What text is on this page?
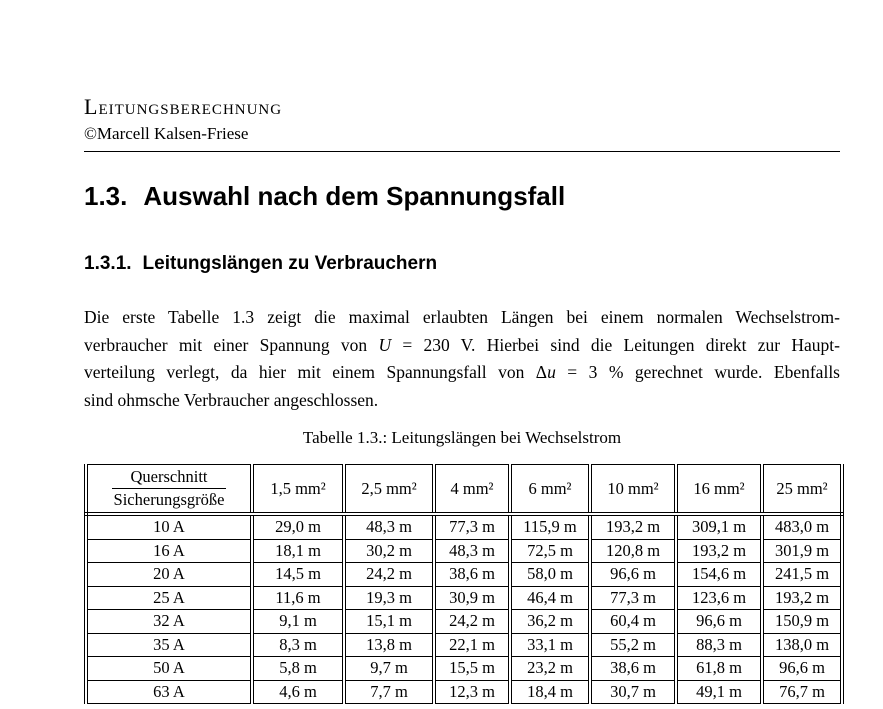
Leitungsberechnung
©Marcell Kalsen-Friese
1.3. Auswahl nach dem Spannungsfall
1.3.1. Leitungslängen zu Verbrauchern
Die erste Tabelle 1.3 zeigt die maximal erlaubten Längen bei einem normalen Wechselstrom-
verbraucher mit einer Spannung von U = 230 V. Hierbei sind die Leitungen direkt zur Haupt-
verteilung verlegt, da hier mit einem Spannungsfall von Δu = 3 % gerechnet wurde. Ebenfalls
sind ohmsche Verbraucher angeschlossen.
Tabelle 1.3.: Leitungslängen bei Wechselstrom
$\frac{\text{Querschnitt}}{\text{Sicherungsgröße}}$	1,5 mm²	2,5 mm²	4 mm²	6 mm²	10 mm²	16 mm²	25 mm²
10 A	29,0 m	48,3 m	77,3 m	115,9 m	193,2 m	309,1 m	483,0 m
16 A	18,1 m	30,2 m	48,3 m	72,5 m	120,8 m	193,2 m	301,9 m
20 A	14,5 m	24,2 m	38,6 m	58,0 m	96,6 m	154,6 m	241,5 m
25 A	11,6 m	19,3 m	30,9 m	46,4 m	77,3 m	123,6 m	193,2 m
32 A	9,1 m	15,1 m	24,2 m	36,2 m	60,4 m	96,6 m	150,9 m
35 A	8,3 m	13,8 m	22,1 m	33,1 m	55,2 m	88,3 m	138,0 m
50 A	5,8 m	9,7 m	15,5 m	23,2 m	38,6 m	61,8 m	96,6 m
63 A	4,6 m	7,7 m	12,3 m	18,4 m	30,7 m	49,1 m	76,7 m
